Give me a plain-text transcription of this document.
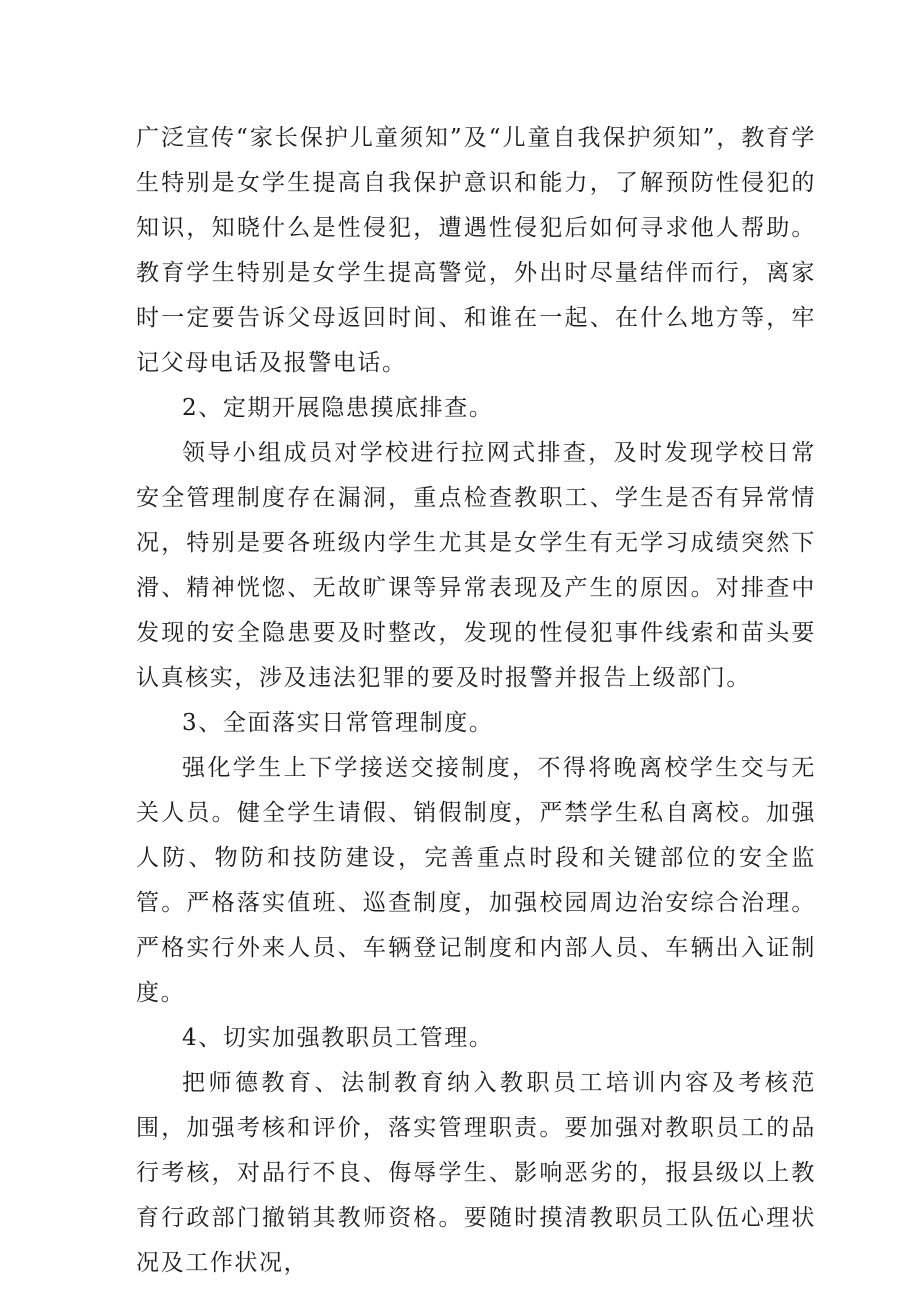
广泛宣传“家长保护儿童须知”及“儿童自我保护须知”，教育学生特别是女学生提高自我保护意识和能力，了解预防性侵犯的知识，知晓什么是性侵犯，遭遇性侵犯后如何寻求他人帮助。教育学生特别是女学生提高警觉，外出时尽量结伴而行，离家时一定要告诉父母返回时间、和谁在一起、在什么地方等，牢记父母电话及报警电话。

2、定期开展隐患摸底排查。

领导小组成员对学校进行拉网式排查，及时发现学校日常安全管理制度存在漏洞，重点检查教职工、学生是否有异常情况，特别是要各班级内学生尤其是女学生有无学习成绩突然下滑、精神恍惚、无故旷课等异常表现及产生的原因。对排查中发现的安全隐患要及时整改，发现的性侵犯事件线索和苗头要认真核实，涉及违法犯罪的要及时报警并报告上级部门。

3、全面落实日常管理制度。

强化学生上下学接送交接制度，不得将晚离校学生交与无关人员。健全学生请假、销假制度，严禁学生私自离校。加强人防、物防和技防建设，完善重点时段和关键部位的安全监管。严格落实值班、巡查制度，加强校园周边治安综合治理。严格实行外来人员、车辆登记制度和内部人员、车辆出入证制度。

4、切实加强教职员工管理。

把师德教育、法制教育纳入教职员工培训内容及考核范围，加强考核和评价，落实管理职责。要加强对教职员工的品行考核，对品行不良、侮辱学生、影响恶劣的，报县级以上教育行政部门撤销其教师资格。要随时摸清教职员工队伍心理状况及工作状况，
